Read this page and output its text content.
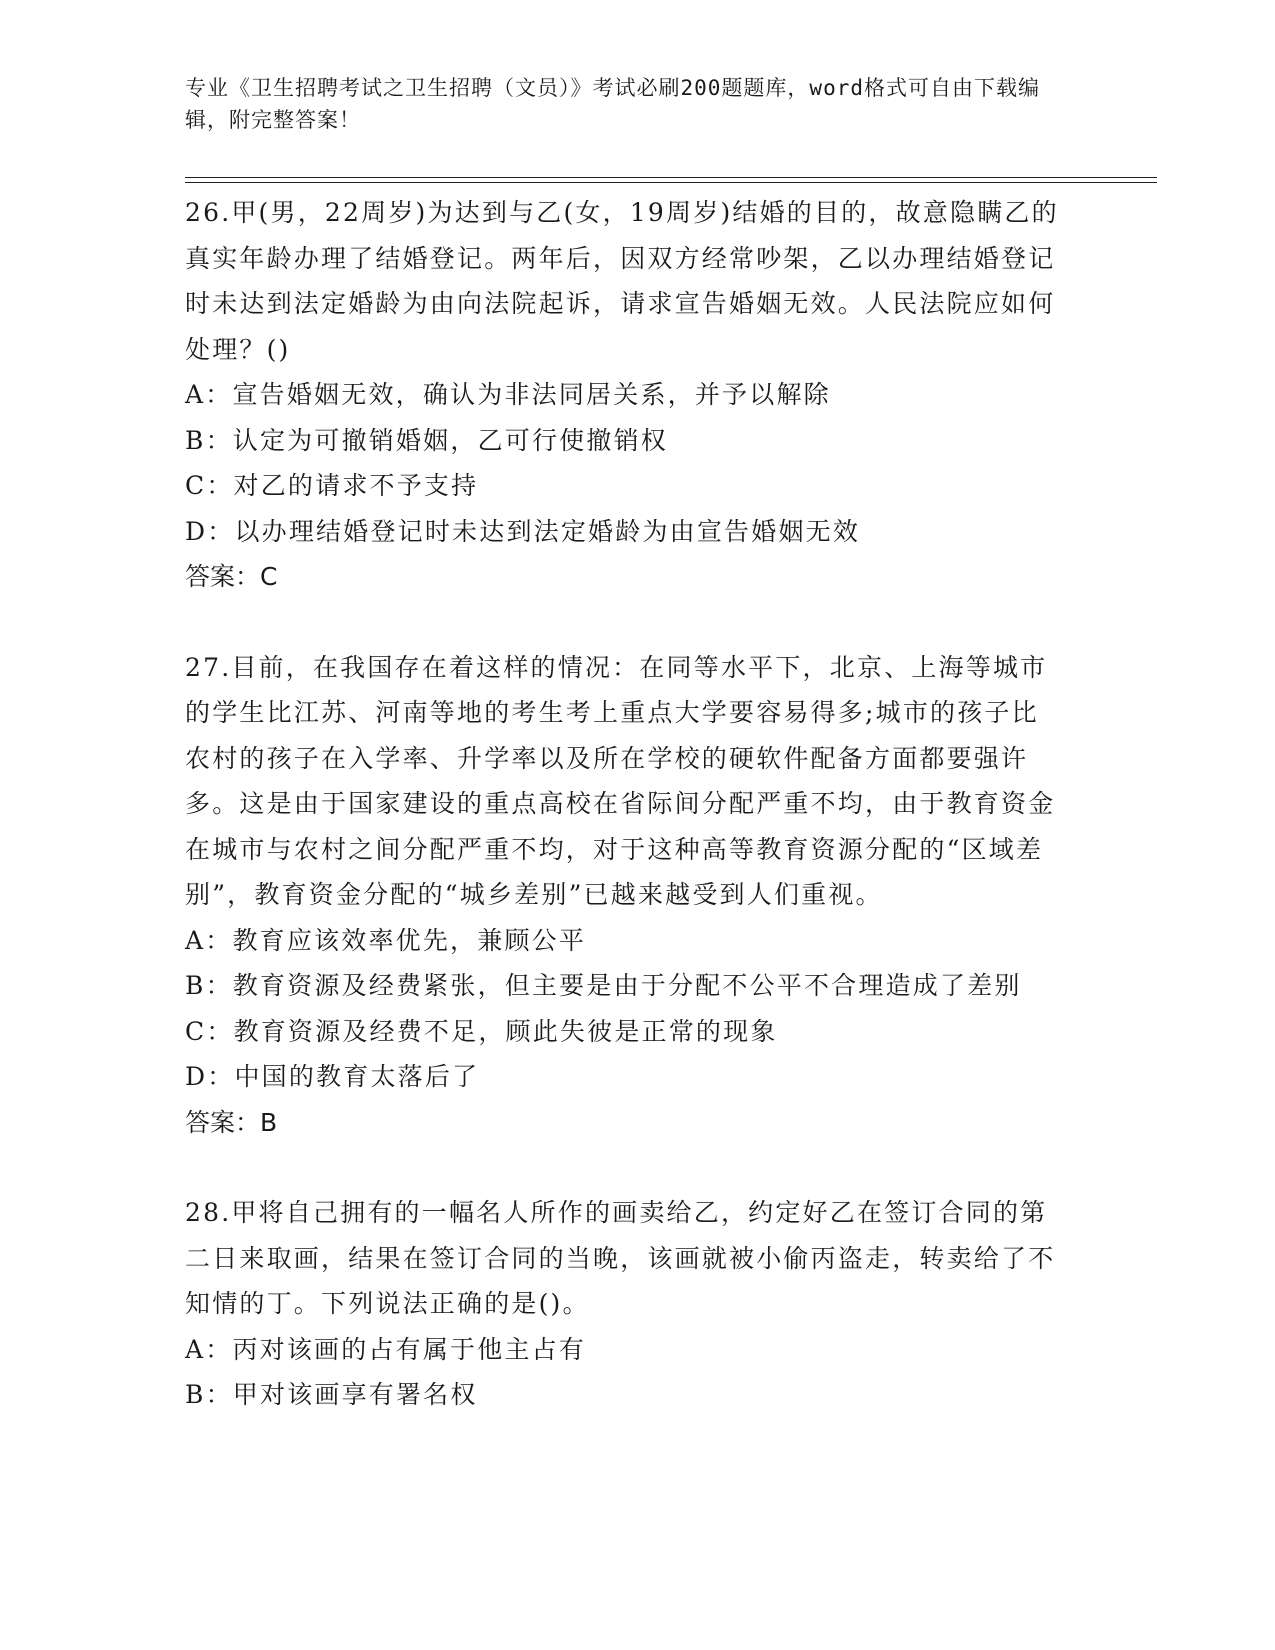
专业《卫生招聘考试之卫生招聘（文员）》考试必刷200题题库，word格式可自由下载编辑，附完整答案！

26.甲(男，22周岁)为达到与乙(女，19周岁)结婚的目的，故意隐瞒乙的真实年龄办理了结婚登记。两年后，因双方经常吵架，乙以办理结婚登记时未达到法定婚龄为由向法院起诉，请求宣告婚姻无效。人民法院应如何处理？()

A：宣告婚姻无效，确认为非法同居关系，并予以解除

B：认定为可撤销婚姻，乙可行使撤销权

C：对乙的请求不予支持

D：以办理结婚登记时未达到法定婚龄为由宣告婚姻无效

答案：C

27.目前，在我国存在着这样的情况：在同等水平下，北京、上海等城市的学生比江苏、河南等地的考生考上重点大学要容易得多;城市的孩子比农村的孩子在入学率、升学率以及所在学校的硬软件配备方面都要强许多。这是由于国家建设的重点高校在省际间分配严重不均，由于教育资金在城市与农村之间分配严重不均，对于这种高等教育资源分配的“区域差别”，教育资金分配的“城乡差别”已越来越受到人们重视。

A：教育应该效率优先，兼顾公平

B：教育资源及经费紧张，但主要是由于分配不公平不合理造成了差别

C：教育资源及经费不足，顾此失彼是正常的现象

D：中国的教育太落后了

答案：B

28.甲将自己拥有的一幅名人所作的画卖给乙，约定好乙在签订合同的第二日来取画，结果在签订合同的当晚，该画就被小偷丙盗走，转卖给了不知情的丁。下列说法正确的是()。

A：丙对该画的占有属于他主占有

B：甲对该画享有署名权
